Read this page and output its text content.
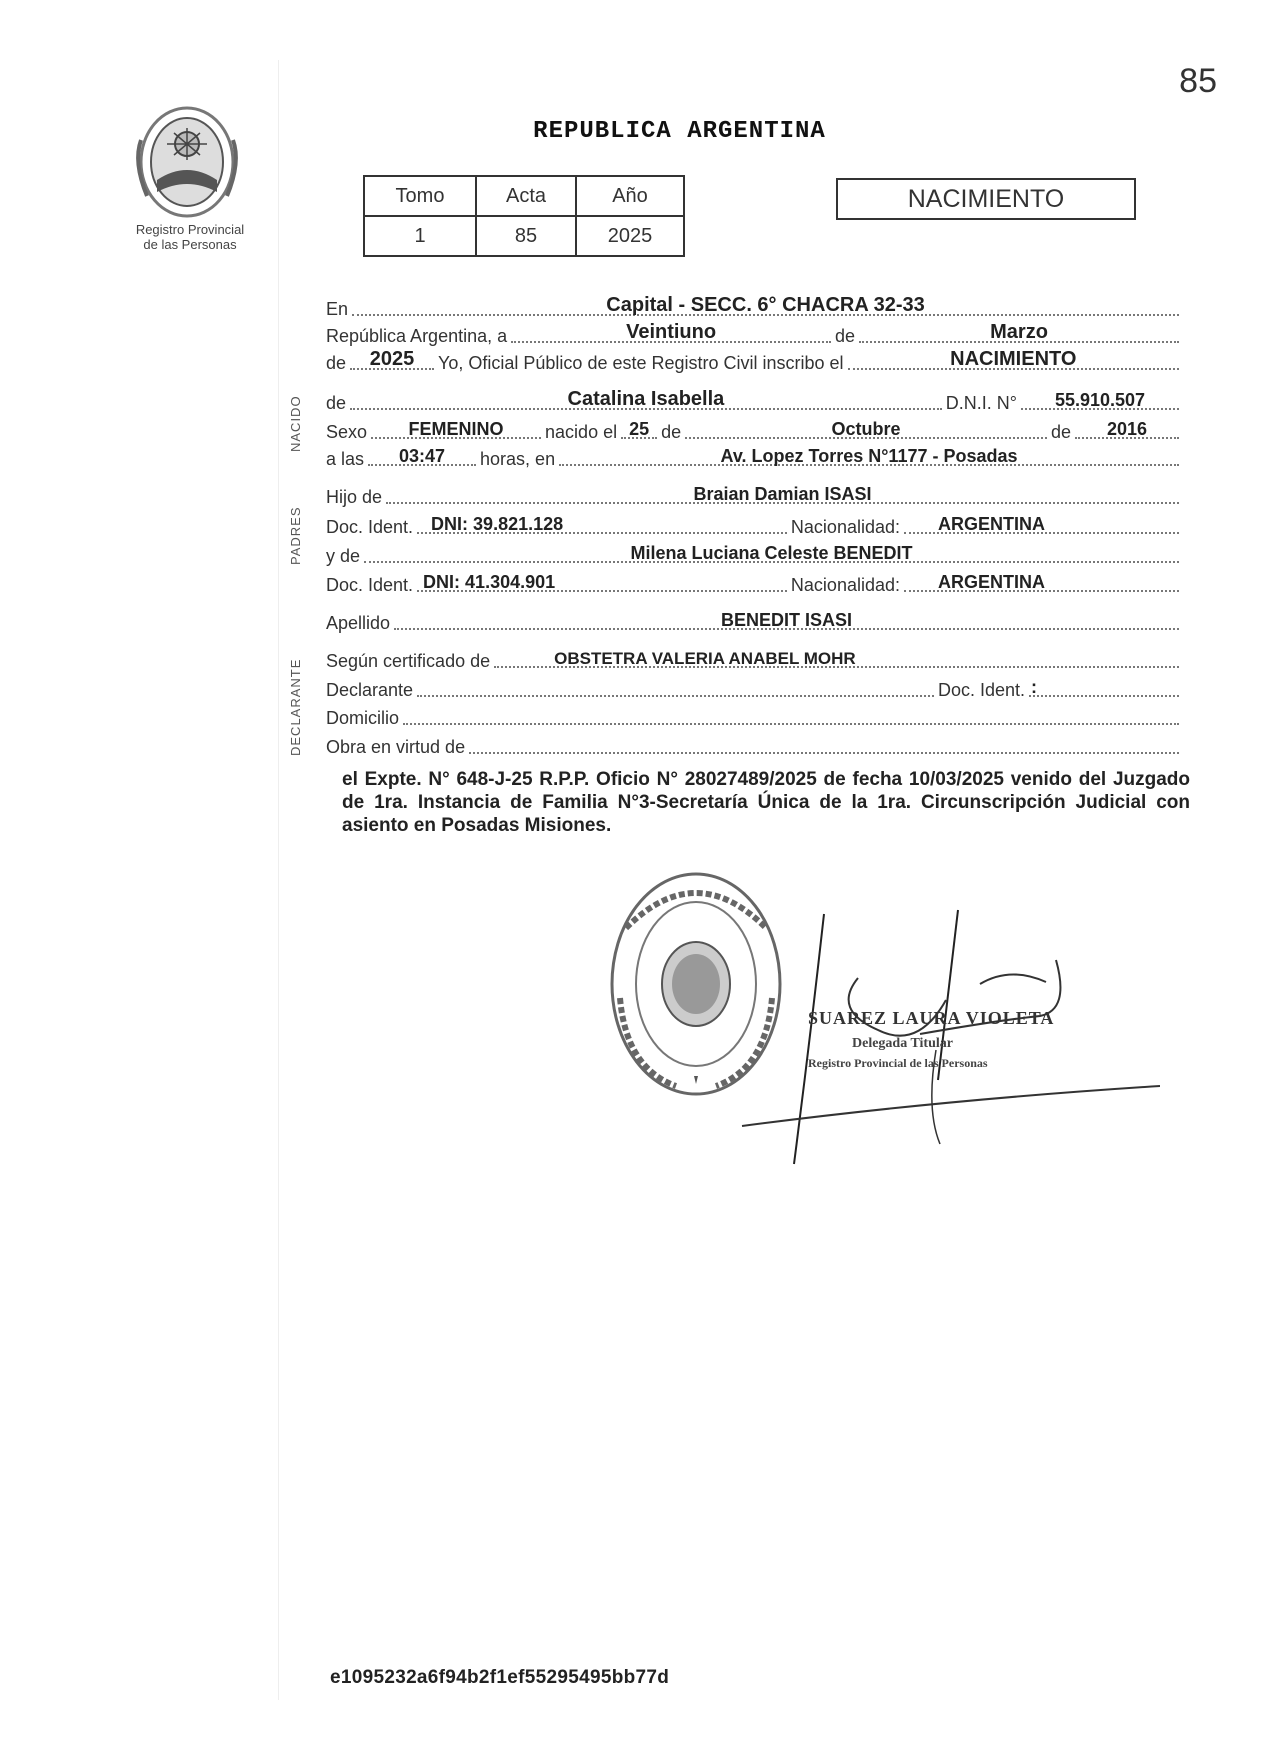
85
Registro Provincial
de las Personas
REPUBLICA ARGENTINA
Tomo	Acta	Año
1	85	2025
NACIMIENTO
NACIDO
PADRES
DECLARANTE
En	Capital - SECC. 6° CHACRA 32-33
República Argentina, a	Veintiuno	de	Marzo
de	2025	Yo, Oficial Público de este Registro Civil inscribo el	NACIMIENTO
de	Catalina Isabella	D.N.I. N°	55.910.507
Sexo	FEMENINO	nacido el 25 de	Octubre	de	2016
a las	03:47	horas, en	Av. Lopez Torres N°1177 - Posadas
Hijo de	Braian Damian ISASI
Doc. Ident.	DNI: 39.821.128	Nacionalidad:	ARGENTINA
y de	Milena Luciana Celeste BENEDIT
Doc. Ident. DNI: 41.304.901	Nacionalidad:	ARGENTINA
Apellido	BENEDIT ISASI
Según certificado de	OBSTETRA VALERIA ANABEL MOHR
Declarante	Doc. Ident. :
Domicilio
Obra en virtud de
el Expte. N° 648-J-25 R.P.P. Oficio N° 28027489/2025 de fecha 10/03/2025 venido del Juzgado de 1ra. Instancia de Familia N°3-Secretaría Única de la 1ra. Circunscripción Judicial con asiento en Posadas Misiones.
SUAREZ LAURA VIOLETA
Delegada Titular
Registro Provincial de las Personas
e1095232a6f94b2f1ef55295495bb77d
